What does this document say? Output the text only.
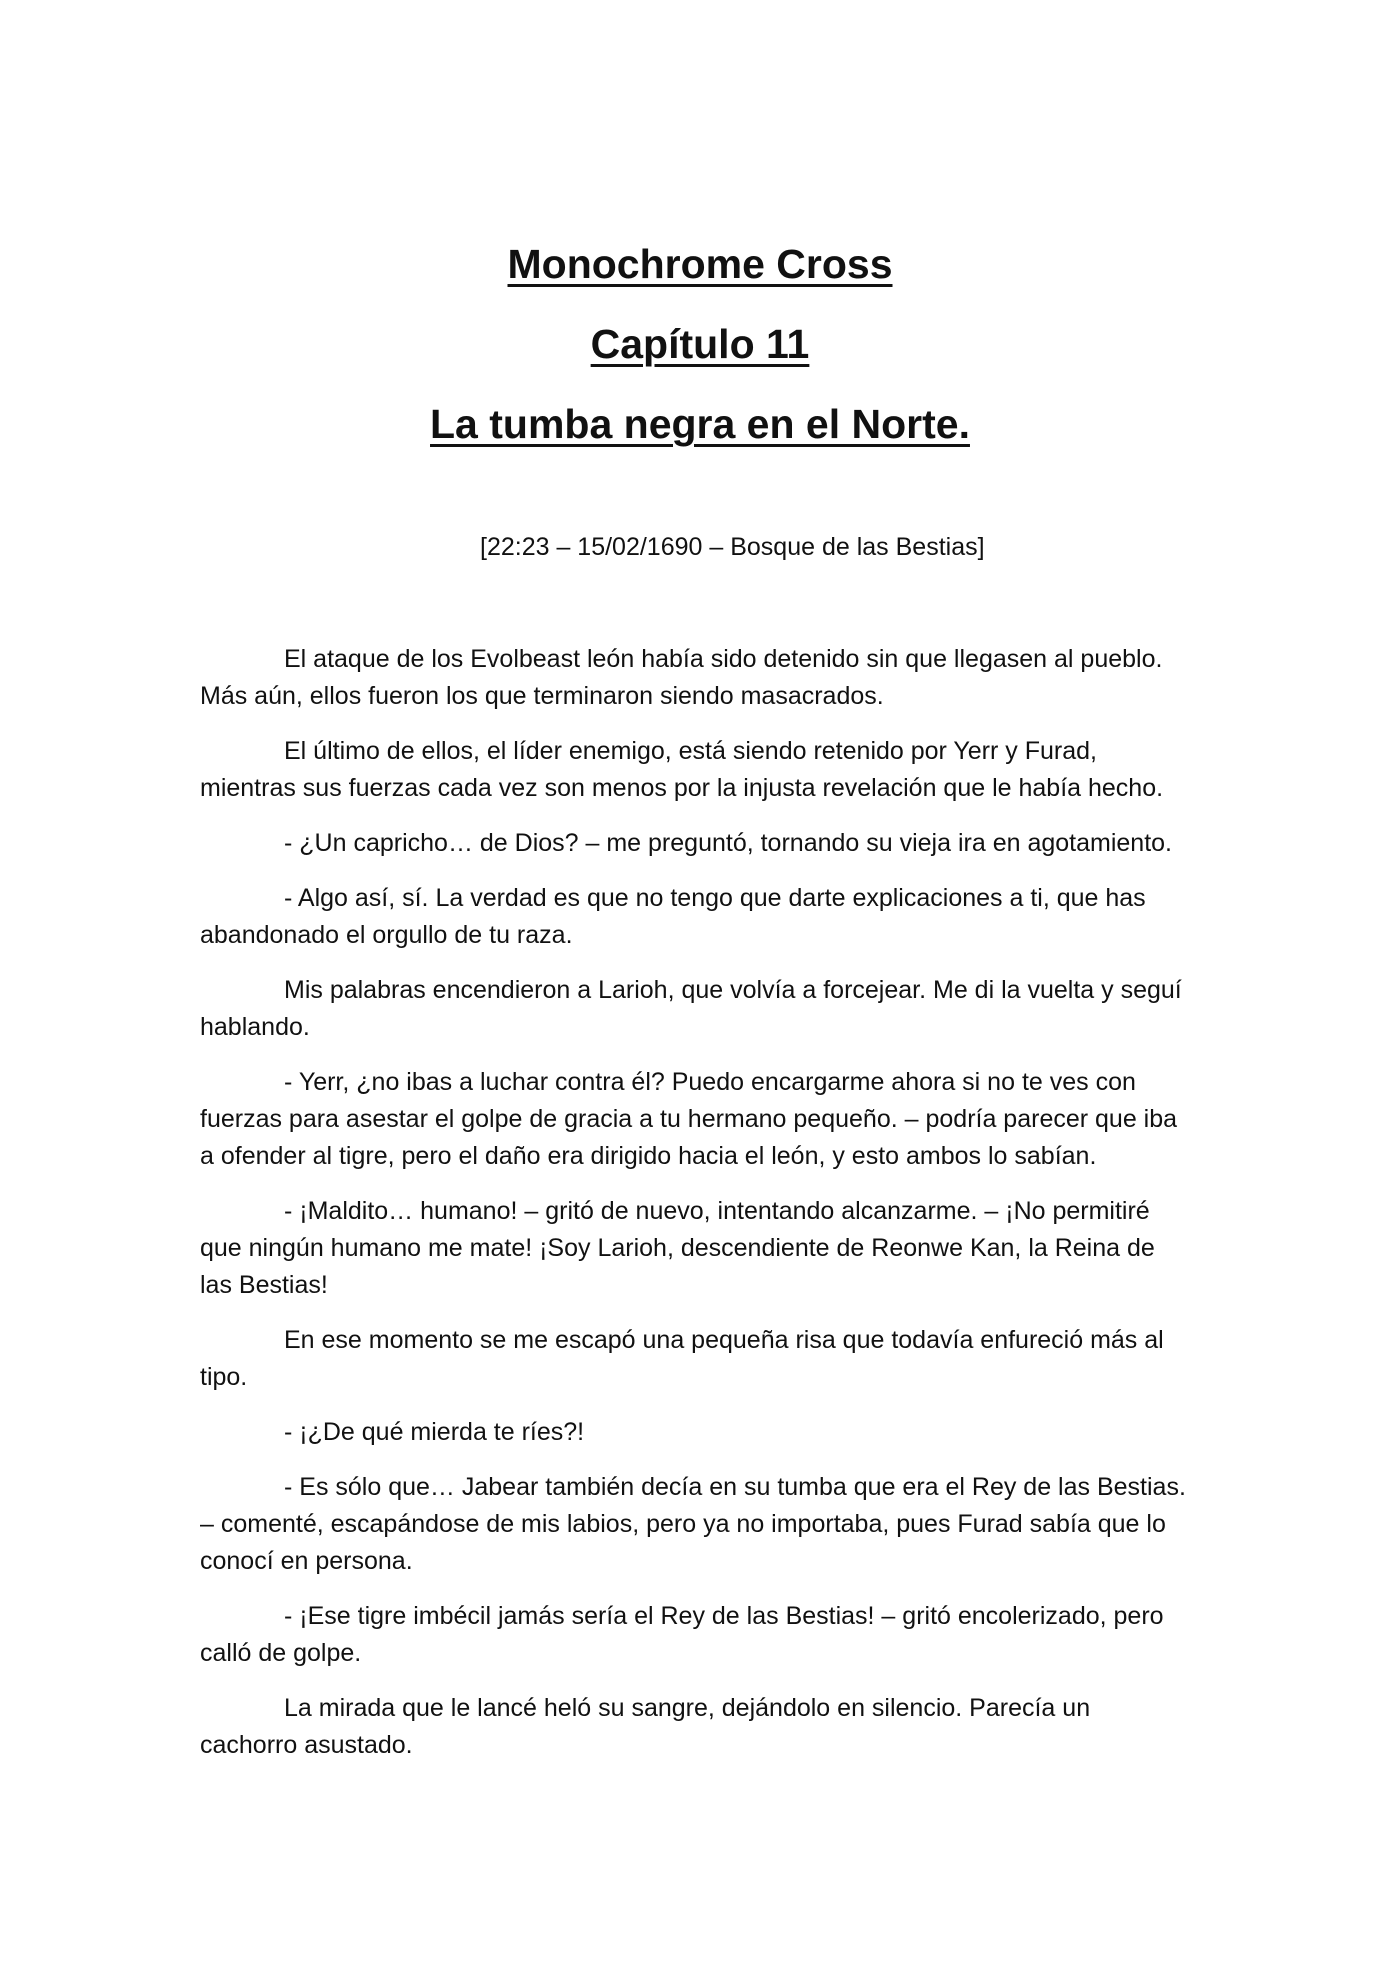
Monochrome Cross
Capítulo 11
La tumba negra en el Norte.
[22:23 – 15/02/1690 – Bosque de las Bestias]

El ataque de los Evolbeast león había sido detenido sin que llegasen al pueblo. Más aún, ellos fueron los que terminaron siendo masacrados.

El último de ellos, el líder enemigo, está siendo retenido por Yerr y Furad, mientras sus fuerzas cada vez son menos por la injusta revelación que le había hecho.

- ¿Un capricho… de Dios? – me preguntó, tornando su vieja ira en agotamiento.

- Algo así, sí. La verdad es que no tengo que darte explicaciones a ti, que has abandonado el orgullo de tu raza.

Mis palabras encendieron a Larioh, que volvía a forcejear. Me di la vuelta y seguí hablando.

- Yerr, ¿no ibas a luchar contra él? Puedo encargarme ahora si no te ves con fuerzas para asestar el golpe de gracia a tu hermano pequeño. – podría parecer que iba a ofender al tigre, pero el daño era dirigido hacia el león, y esto ambos lo sabían.

- ¡Maldito… humano! – gritó de nuevo, intentando alcanzarme. – ¡No permitiré que ningún humano me mate! ¡Soy Larioh, descendiente de Reonwe Kan, la Reina de las Bestias!

En ese momento se me escapó una pequeña risa que todavía enfureció más al
tipo.

- ¡¿De qué mierda te ríes?!

- Es sólo que… Jabear también decía en su tumba que era el Rey de las Bestias. – comenté, escapándose de mis labios, pero ya no importaba, pues Furad sabía que lo conocí en persona.

- ¡Ese tigre imbécil jamás sería el Rey de las Bestias! – gritó encolerizado, pero calló de golpe.

La mirada que le lancé heló su sangre, dejándolo en silencio. Parecía un cachorro asustado.
